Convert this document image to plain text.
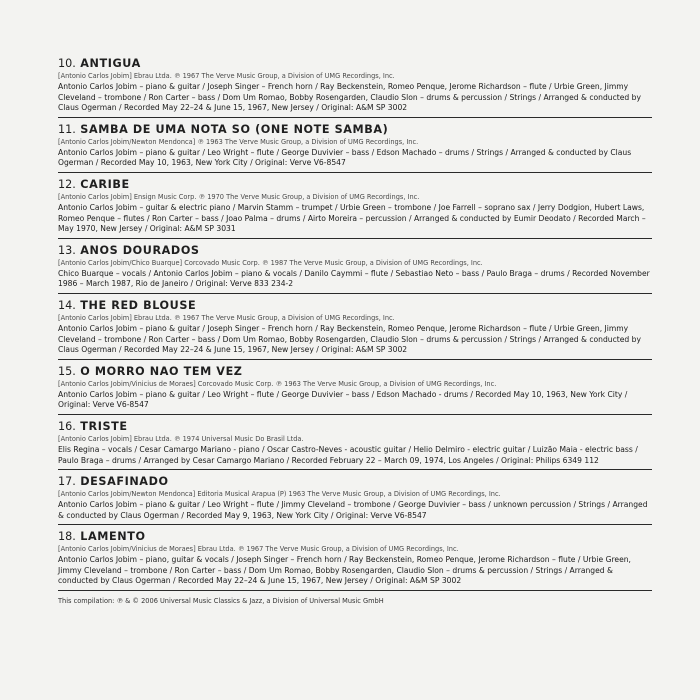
10. ANTIGUA
[Antonio Carlos Jobim] Ebrau Ltda. ℗ 1967 The Verve Music Group, a Division of UMG Recordings, Inc.
Antonio Carlos Jobim – piano & guitar / Joseph Singer – French horn / Ray Beckenstein, Romeo Penque, Jerome Richardson – flute / Urbie Green, Jimmy Cleveland – trombone / Ron Carter – bass / Dom Um Romao, Bobby Rosengarden, Claudio Slon – drums & percussion / Strings / Arranged & conducted by Claus Ogerman / Recorded May 22–24 & June 15, 1967, New Jersey / Original: A&M SP 3002
11. SAMBA DE UMA NOTA SO (ONE NOTE SAMBA)
[Antonio Carlos Jobim/Newton Mendonca] ℗ 1963 The Verve Music Group, a Division of UMG Recordings, Inc.
Antonio Carlos Jobim – piano & guitar / Leo Wright – flute / George Duvivier – bass / Edson Machado – drums / Strings / Arranged & conducted by Claus Ogerman / Recorded May 10, 1963, New York City / Original: Verve V6-8547
12. CARIBE
[Antonio Carlos Jobim] Ensign Music Corp. ℗ 1970 The Verve Music Group, a Division of UMG Recordings, Inc.
Antonio Carlos Jobim – guitar & electric piano / Marvin Stamm – trumpet / Urbie Green – trombone / Joe Farrell – soprano sax / Jerry Dodgion, Hubert Laws, Romeo Penque – flutes / Ron Carter – bass / Joao Palma – drums / Airto Moreira – percussion / Arranged & conducted by Eumir Deodato / Recorded March – May 1970, New Jersey / Original: A&M SP 3031
13. ANOS DOURADOS
[Antonio Carlos Jobim/Chico Buarque] Corcovado Music Corp. ℗ 1987 The Verve Music Group, a Division of UMG Recordings, Inc.
Chico Buarque – vocals / Antonio Carlos Jobim – piano & vocals / Danilo Caymmi – flute / Sebastiao Neto – bass / Paulo Braga – drums / Recorded November 1986 – March 1987, Rio de Janeiro / Original: Verve 833 234-2
14. THE RED BLOUSE
[Antonio Carlos Jobim] Ebrau Ltda. ℗ 1967 The Verve Music Group, a Division of UMG Recordings, Inc.
Antonio Carlos Jobim – piano & guitar / Joseph Singer – French horn / Ray Beckenstein, Romeo Penque, Jerome Richardson – flute / Urbie Green, Jimmy Cleveland – trombone / Ron Carter – bass / Dom Um Romao, Bobby Rosengarden, Claudio Slon – drums & percussion / Strings / Arranged & conducted by Claus Ogerman / Recorded May 22–24 & June 15, 1967, New Jersey / Original: A&M SP 3002
15. O MORRO NAO TEM VEZ
[Antonio Carlos Jobim/Vinicius de Moraes] Corcovado Music Corp. ℗ 1963 The Verve Music Group, a Division of UMG Recordings, Inc.
Antonio Carlos Jobim – piano & guitar / Leo Wright – flute / George Duvivier – bass / Edson Machado - drums / Recorded May 10, 1963, New York City / Original: Verve V6-8547
16. TRISTE
[Antonio Carlos Jobim] Ebrau Ltda. ℗ 1974 Universal Music Do Brasil Ltda.
Elis Regina – vocals / Cesar Camargo Mariano - piano / Oscar Castro-Neves - acoustic guitar / Helio Delmiro - electric guitar / Luizão Maia - electric bass / Paulo Braga – drums / Arranged by Cesar Camargo Mariano / Recorded February 22 – March 09, 1974, Los Angeles / Original: Philips 6349 112
17. DESAFINADO
[Antonio Carlos Jobim/Newton Mendonca] Editoria Musical Arapua (P) 1963 The Verve Music Group, a Division of UMG Recordings, Inc.
Antonio Carlos Jobim – piano & guitar / Leo Wright – flute / Jimmy Cleveland – trombone / George Duvivier – bass / unknown percussion / Strings / Arranged & conducted by Claus Ogerman / Recorded May 9, 1963, New York City / Original: Verve V6-8547
18. LAMENTO
[Antonio Carlos Jobim/Vinicius de Moraes] Ebrau Ltda. ℗ 1967 The Verve Music Group, a Division of UMG Recordings, Inc.
Antonio Carlos Jobim – piano, guitar & vocals / Joseph Singer – French horn / Ray Beckenstein, Romeo Penque, Jerome Richardson – flute / Urbie Green, Jimmy Cleveland – trombone / Ron Carter – bass / Dom Um Romao, Bobby Rosengarden, Claudio Slon – drums & percussion / Strings / Arranged & conducted by Claus Ogerman / Recorded May 22–24 & June 15, 1967, New Jersey / Original: A&M SP 3002
This compilation: ℗ & © 2006 Universal Music Classics & Jazz, a Division of Universal Music GmbH
